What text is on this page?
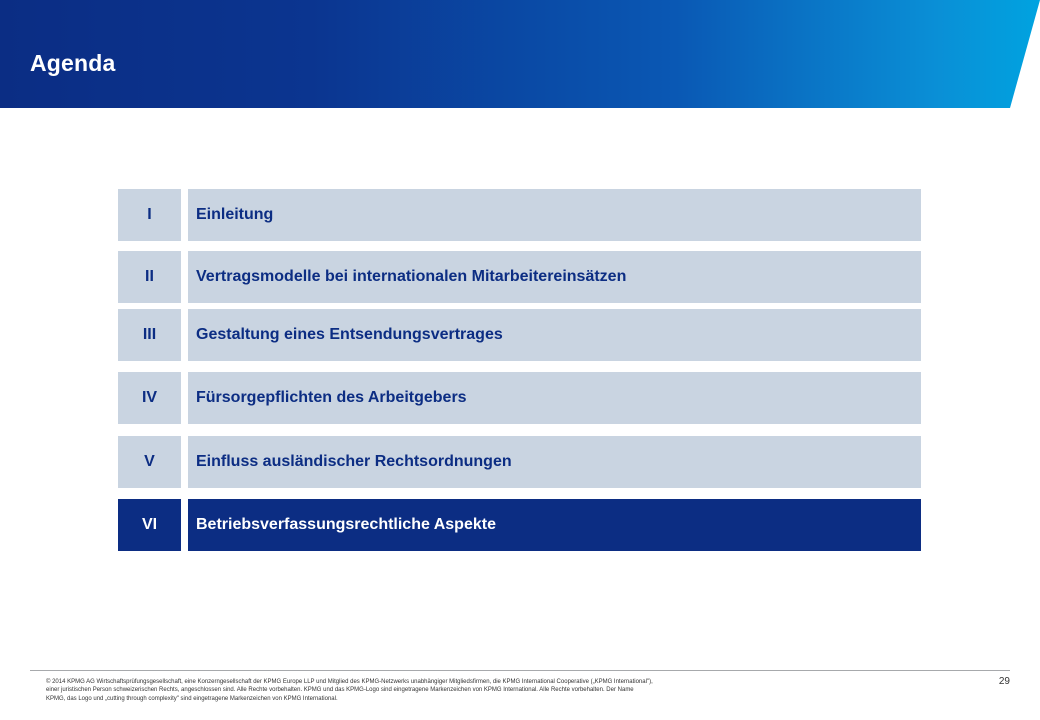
Agenda
I	Einleitung
II	Vertragsmodelle bei internationalen Mitarbeitereinsätzen
III	Gestaltung eines Entsendungsvertrages
IV	Fürsorgepflichten des Arbeitgebers
V	Einfluss ausländischer Rechtsordnungen
VI	Betriebsverfassungsrechtliche Aspekte
© 2014 KPMG AG Wirtschaftsprüfungsgesellschaft, eine Konzerngesellschaft der KPMG Europe LLP und Mitglied des KPMG-Netzwerks unabhängiger Mitgliedsfirmen, die KPMG International Cooperative („KPMG International"),
einer juristischen Person schweizerischen Rechts, angeschlossen sind. Alle Rechte vorbehalten. KPMG und das KPMG-Logo sind eingetragene Markenzeichen von KPMG International. Alle Rechte vorbehalten. Der Name
KPMG, das Logo und „cutting through complexity" sind eingetragene Markenzeichen von KPMG International.
29
